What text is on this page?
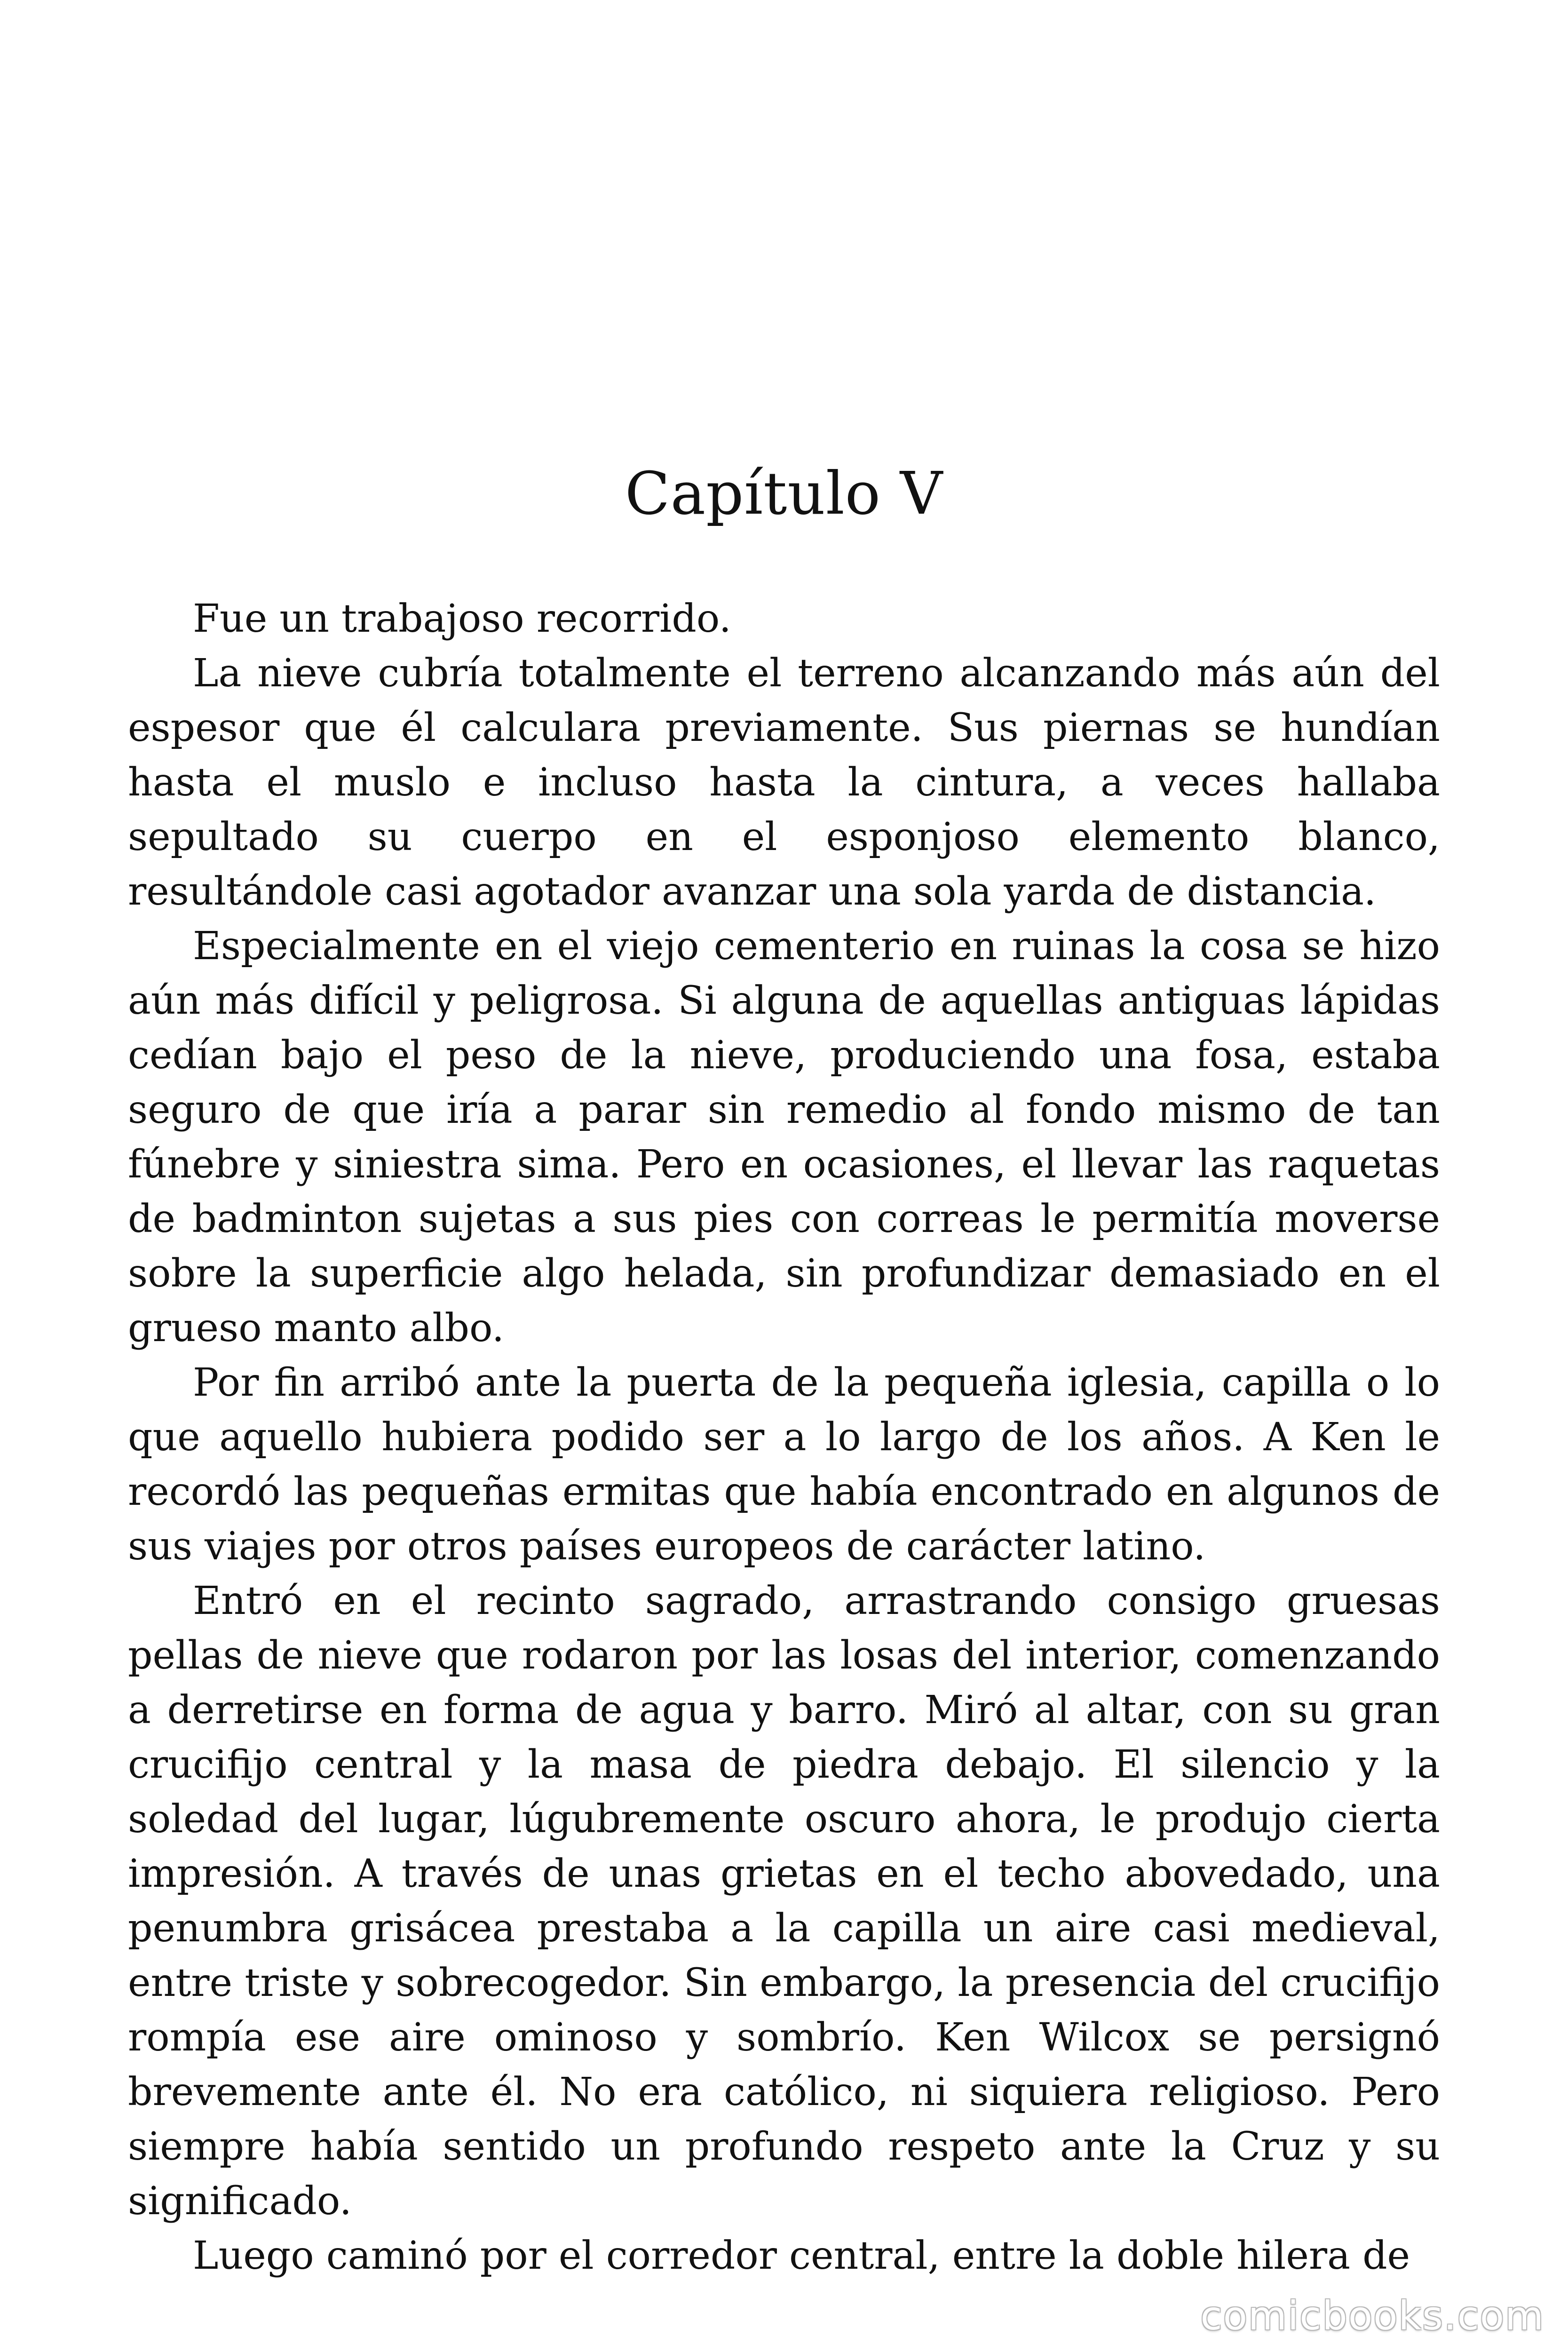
Capítulo V

Fue un trabajoso recorrido.

La nieve cubría totalmente el terreno alcanzando más aún del espesor que él calculara previamente. Sus piernas se hundían hasta el muslo e incluso hasta la cintura, a veces hallaba sepultado su cuerpo en el esponjoso elemento blanco, resultándole casi agotador avanzar una sola yarda de distancia.

Especialmente en el viejo cementerio en ruinas la cosa se hizo aún más difícil y peligrosa. Si alguna de aquellas antiguas lápidas cedían bajo el peso de la nieve, produciendo una fosa, estaba seguro de que iría a parar sin remedio al fondo mismo de tan fúnebre y siniestra sima. Pero en ocasiones, el llevar las raquetas de badminton sujetas a sus pies con correas le permitía moverse sobre la superficie algo helada, sin profundizar demasiado en el grueso manto albo.

Por fin arribó ante la puerta de la pequeña iglesia, capilla o lo que aquello hubiera podido ser a lo largo de los años. A Ken le recordó las pequeñas ermitas que había encontrado en algunos de sus viajes por otros países europeos de carácter latino.

Entró en el recinto sagrado, arrastrando consigo gruesas pellas de nieve que rodaron por las losas del interior, comenzando a derretirse en forma de agua y barro. Miró al altar, con su gran crucifijo central y la masa de piedra debajo. El silencio y la soledad del lugar, lúgubremente oscuro ahora, le produjo cierta impresión. A través de unas grietas en el techo abovedado, una penumbra grisácea prestaba a la capilla un aire casi medieval, entre triste y sobrecogedor. Sin embargo, la presencia del crucifijo rompía ese aire ominoso y sombrío. Ken Wilcox se persignó brevemente ante él. No era católico, ni siquiera religioso. Pero siempre había sentido un profundo respeto ante la Cruz y su significado.

Luego caminó por el corredor central, entre la doble hilera de

comicbooks.com
